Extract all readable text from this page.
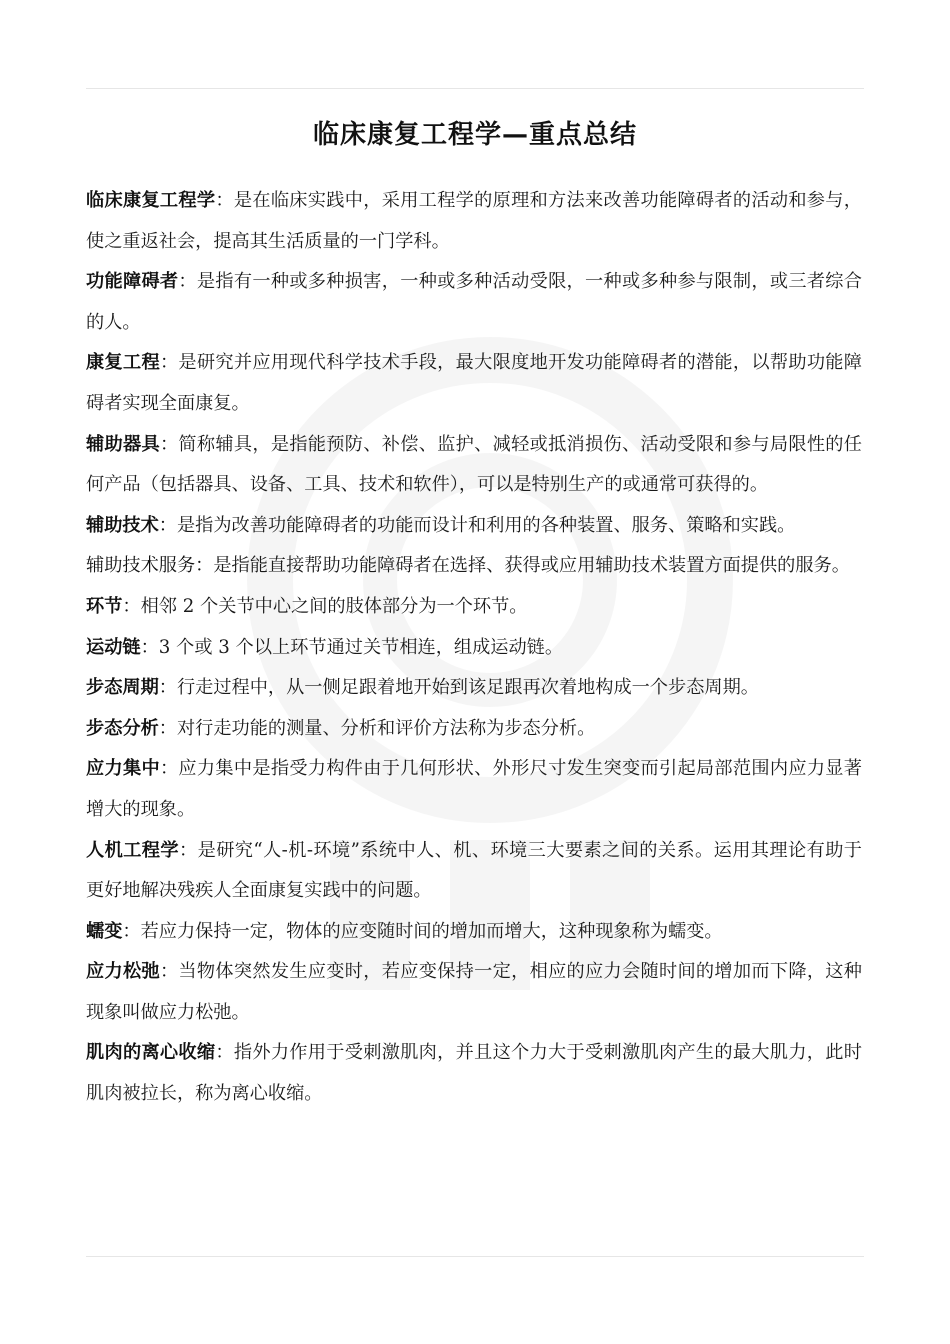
临床康复工程学—重点总结

临床康复工程学：是在临床实践中，采用工程学的原理和方法来改善功能障碍者的活动和参与，使之重返社会，提高其生活质量的一门学科。

功能障碍者：是指有一种或多种损害，一种或多种活动受限，一种或多种参与限制，或三者综合的人。

康复工程：是研究并应用现代科学技术手段，最大限度地开发功能障碍者的潜能，以帮助功能障碍者实现全面康复。

辅助器具：简称辅具，是指能预防、补偿、监护、减轻或抵消损伤、活动受限和参与局限性的任何产品（包括器具、设备、工具、技术和软件），可以是特别生产的或通常可获得的。

辅助技术：是指为改善功能障碍者的功能而设计和利用的各种装置、服务、策略和实践。

辅助技术服务：是指能直接帮助功能障碍者在选择、获得或应用辅助技术装置方面提供的服务。

环节：相邻 2 个关节中心之间的肢体部分为一个环节。

运动链：3 个或 3 个以上环节通过关节相连，组成运动链。

步态周期：行走过程中，从一侧足跟着地开始到该足跟再次着地构成一个步态周期。

步态分析：对行走功能的测量、分析和评价方法称为步态分析。

应力集中：应力集中是指受力构件由于几何形状、外形尺寸发生突变而引起局部范围内应力显著增大的现象。

人机工程学：是研究“人-机-环境”系统中人、机、环境三大要素之间的关系。运用其理论有助于更好地解决残疾人全面康复实践中的问题。

蠕变：若应力保持一定，物体的应变随时间的增加而增大，这种现象称为蠕变。

应力松弛：当物体突然发生应变时，若应变保持一定，相应的应力会随时间的增加而下降，这种现象叫做应力松弛。

肌肉的离心收缩：指外力作用于受刺激肌肉，并且这个力大于受刺激肌肉产生的最大肌力，此时肌肉被拉长，称为离心收缩。
